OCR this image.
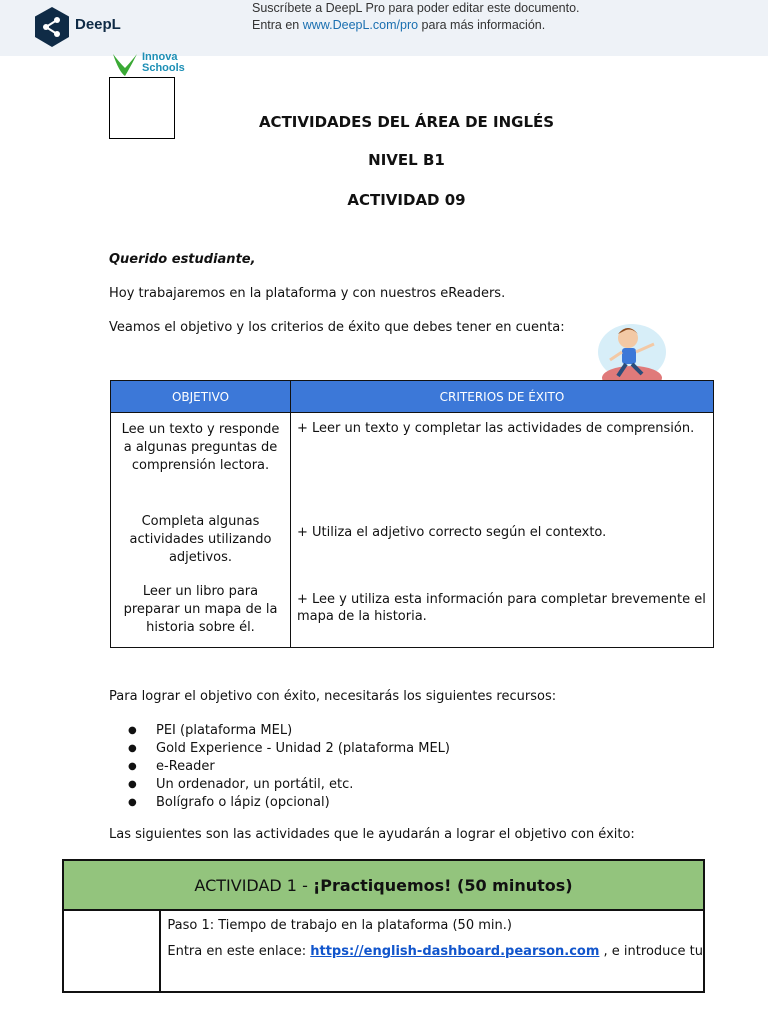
DeepL
Suscríbete a DeepL Pro para poder editar este documento.
Entra en www.DeepL.com/pro para más información.
Innova
Schools
ACTIVIDADES DEL ÁREA DE INGLÉS
NIVEL B1
ACTIVIDAD 09
Querido estudiante,
Hoy trabajaremos en la plataforma y con nuestros eReaders.
Veamos el objetivo y los criterios de éxito que debes tener en cuenta:
OBJETIVO	CRITERIOS DE ÉXITO
Lee un texto y responde a algunas preguntas de comprensión lectora.	+ Leer un texto y completar las actividades de comprensión.
Completa algunas actividades utilizando adjetivos.	+ Utiliza el adjetivo correcto según el contexto.
Leer un libro para preparar un mapa de la historia sobre él.	+ Lee y utiliza esta información para completar brevemente el mapa de la historia.
Para lograr el objetivo con éxito, necesitarás los siguientes recursos:
● PEI (plataforma MEL)
● Gold Experience - Unidad 2 (plataforma MEL)
● e-Reader
● Un ordenador, un portátil, etc.
● Bolígrafo o lápiz (opcional)
Las siguientes son las actividades que le ayudarán a lograr el objetivo con éxito:
ACTIVIDAD 1 - ¡Practiquemos! (50 minutos)

Paso 1: Tiempo de trabajo en la plataforma (50 min.)
Entra en este enlace: https://english-dashboard.pearson.com , e introduce tu
